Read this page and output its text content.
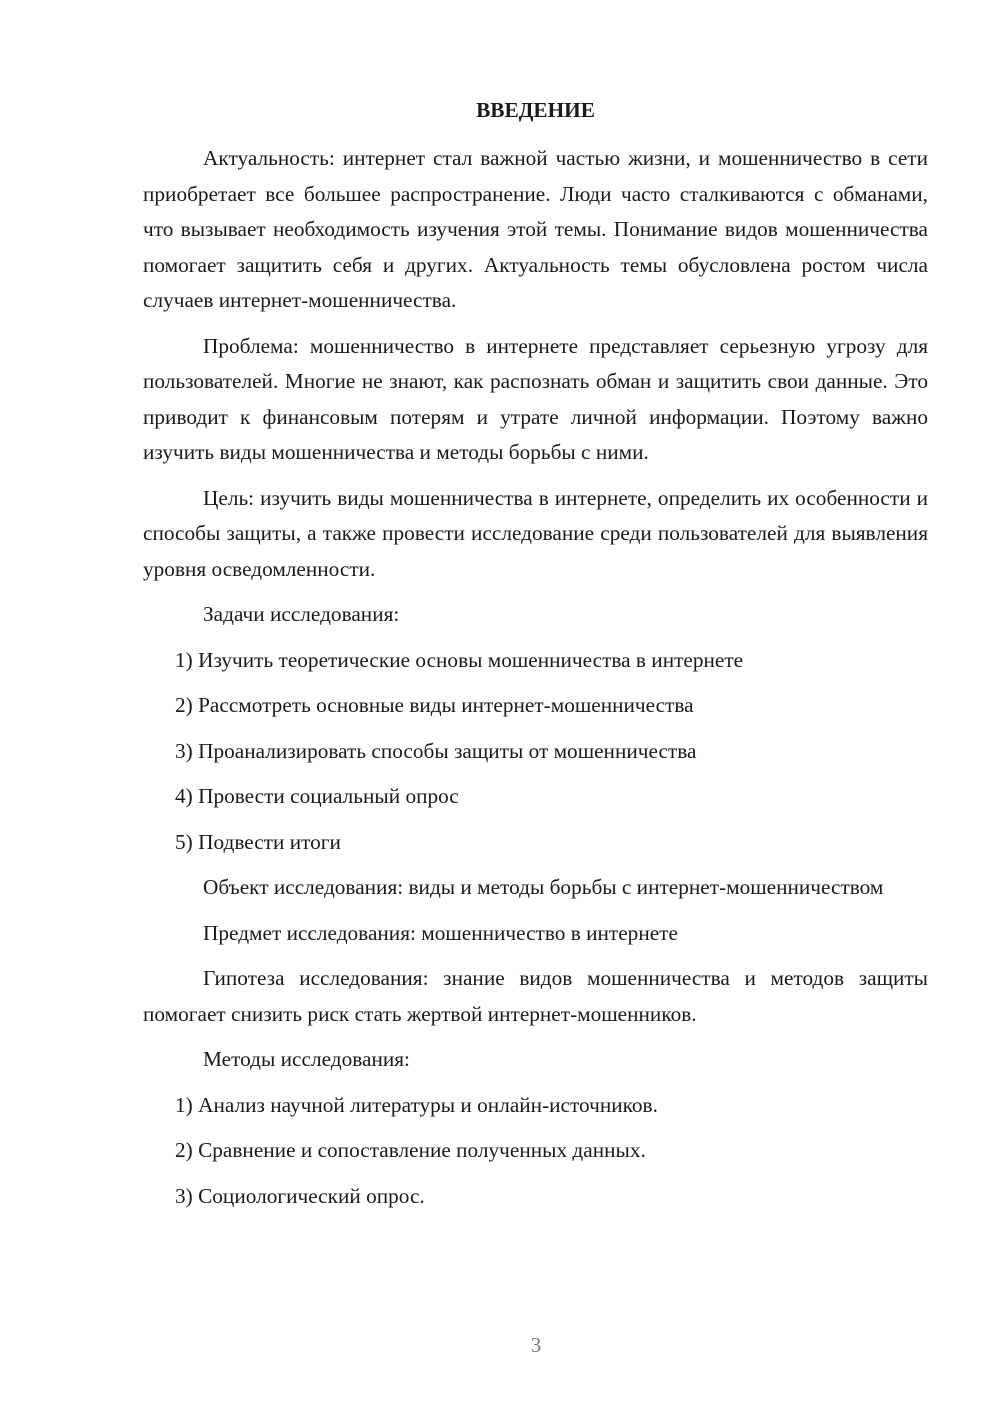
ВВЕДЕНИЕ

Актуальность: интернет стал важной частью жизни, и мошенничество в сети приобретает все большее распространение. Люди часто сталкиваются с обманами, что вызывает необходимость изучения этой темы. Понимание видов мошенничества помогает защитить себя и других. Актуальность темы обусловлена ростом числа случаев интернет-мошенничества.

Проблема: мошенничество в интернете представляет серьезную угрозу для пользователей. Многие не знают, как распознать обман и защитить свои данные. Это приводит к финансовым потерям и утрате личной информации. Поэтому важно изучить виды мошенничества и методы борьбы с ними.

Цель: изучить виды мошенничества в интернете, определить их особенности и способы защиты, а также провести исследование среди пользователей для выявления уровня осведомленности.

Задачи исследования:

1) Изучить теоретические основы мошенничества в интернете

2) Рассмотреть основные виды интернет-мошенничества

3) Проанализировать способы защиты от мошенничества

4) Провести социальный опрос

5) Подвести итоги

Объект исследования: виды и методы борьбы с интернет-мошенничеством

Предмет исследования: мошенничество в интернете

Гипотеза исследования: знание видов мошенничества и методов защиты помогает снизить риск стать жертвой интернет-мошенников.

Методы исследования:

1) Анализ научной литературы и онлайн-источников.

2) Сравнение и сопоставление полученных данных.

3) Социологический опрос.

3
